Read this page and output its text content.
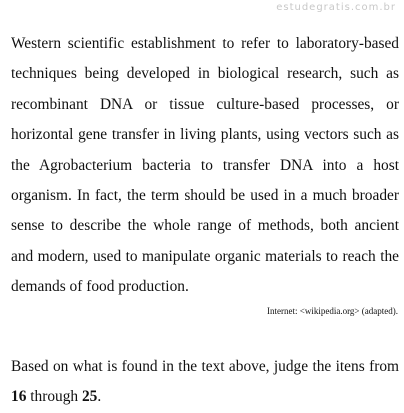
estudegratis.com.br

Western scientific establishment to refer to laboratory-based techniques being developed in biological research, such as recombinant DNA or tissue culture-based processes, or horizontal gene transfer in living plants, using vectors such as the Agrobacterium bacteria to transfer DNA into a host organism. In fact, the term should be used in a much broader sense to describe the whole range of methods, both ancient and modern, used to manipulate organic materials to reach the demands of food production.

Internet: <wikipedia.org> (adapted).

Based on what is found in the text above, judge the itens from 16 through 25.
